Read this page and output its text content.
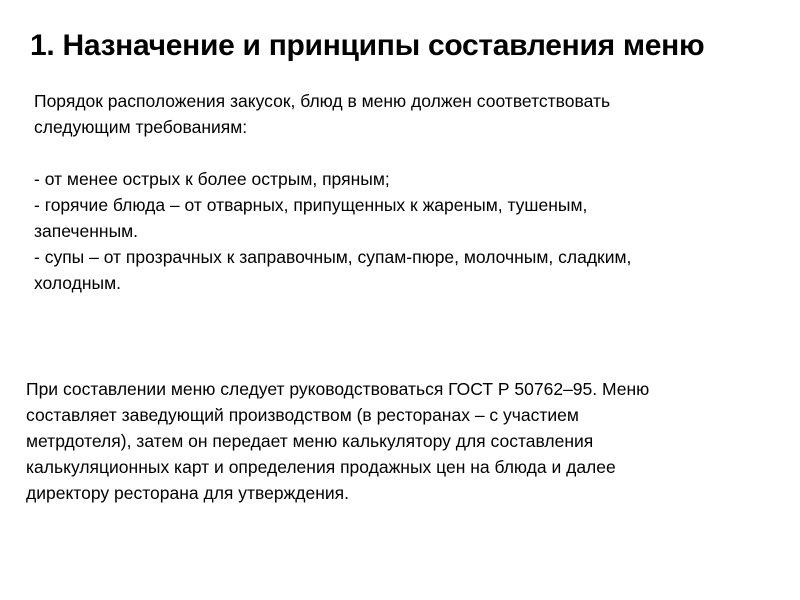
1. Назначение и принципы составления меню
Порядок расположения закусок, блюд в меню должен соответствовать
следующим требованиям:
- от менее острых к более острым, пряным;
- горячие блюда – от отварных, припущенных к жареным, тушеным,
запеченным.
- супы – от прозрачных к заправочным, супам-пюре, молочным, сладким,
холодным.
При составлении меню следует руководствоваться ГОСТ Р 50762–95. Меню
составляет заведующий производством (в ресторанах – с участием
метрдотеля), затем он передает меню калькулятору для составления
калькуляционных карт и определения продажных цен на блюда и далее
директору ресторана для утверждения.
